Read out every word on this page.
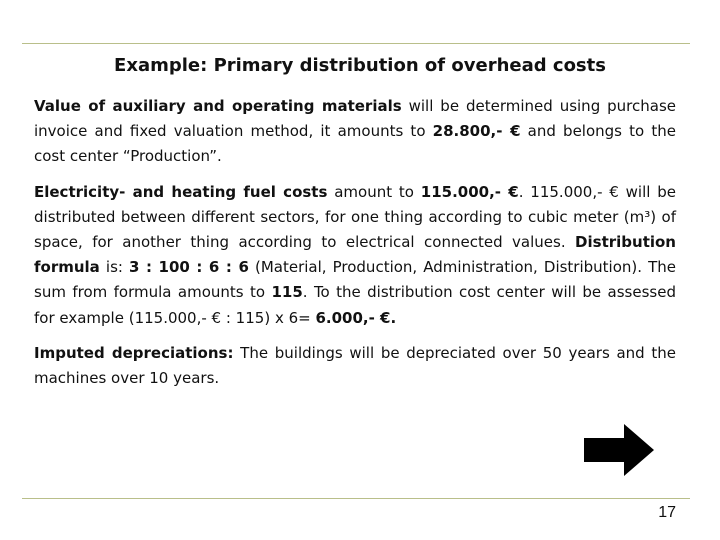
Example: Primary distribution of overhead costs

Value of auxiliary and operating materials will be determined using purchase invoice and fixed valuation method, it amounts to 28.800,- € and belongs to the cost center “Production”.

Electricity- and heating fuel costs amount to 115.000,- €. 115.000,- € will be distributed between different sectors, for one thing according to cubic meter (m³) of space, for another thing according to electrical connected values. Distribution formula is: 3 : 100 : 6 : 6 (Material, Production, Administration, Distribution). The sum from formula amounts to 115. To the distribution cost center will be assessed for example (115.000,- € : 115) x 6= 6.000,- €.

Imputed depreciations: The buildings will be depreciated over 50 years and the machines over 10 years.

17
